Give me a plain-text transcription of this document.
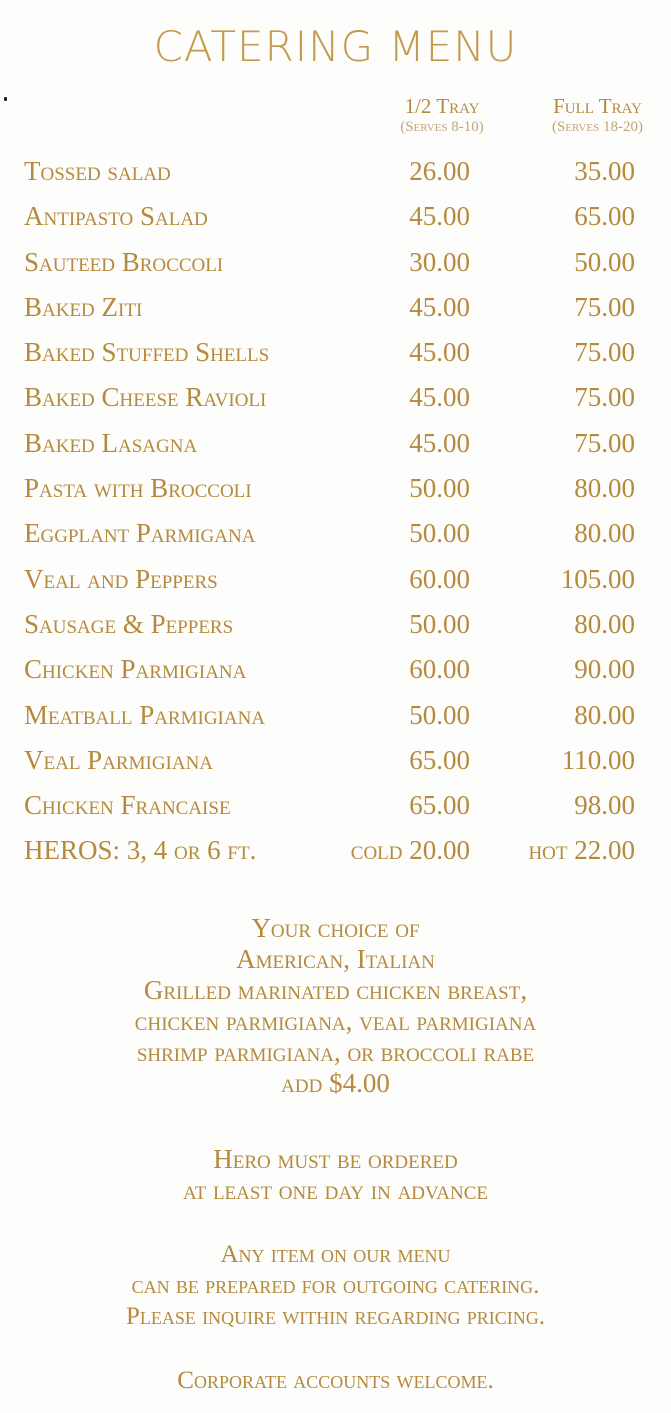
CATERING MENU
1/2 Tray
(Serves 8-10)
Full Tray
(Serves 18-20)
Tossed salad	26.00	35.00
Antipasto Salad	45.00	65.00
Sauteed Broccoli	30.00	50.00
Baked Ziti	45.00	75.00
Baked Stuffed Shells	45.00	75.00
Baked Cheese Ravioli	45.00	75.00
Baked Lasagna	45.00	75.00
Pasta with Broccoli	50.00	80.00
Eggplant Parmigana	50.00	80.00
Veal and Peppers	60.00	105.00
Sausage & Peppers	50.00	80.00
Chicken Parmigiana	60.00	90.00
Meatball Parmigiana	50.00	80.00
Veal Parmigiana	65.00	110.00
Chicken Francaise	65.00	98.00
HEROS: 3, 4 or 6 ft.	cold 20.00 hot 22.00
Your choice of
American, Italian
Grilled marinated chicken breast,
chicken parmigiana, veal parmigiana
shrimp parmigiana, or broccoli rabe
add $4.00
Hero must be ordered
at least one day in advance
Any item on our menu
can be prepared for outgoing catering.
Please inquire within regarding pricing.
Corporate accounts welcome.
